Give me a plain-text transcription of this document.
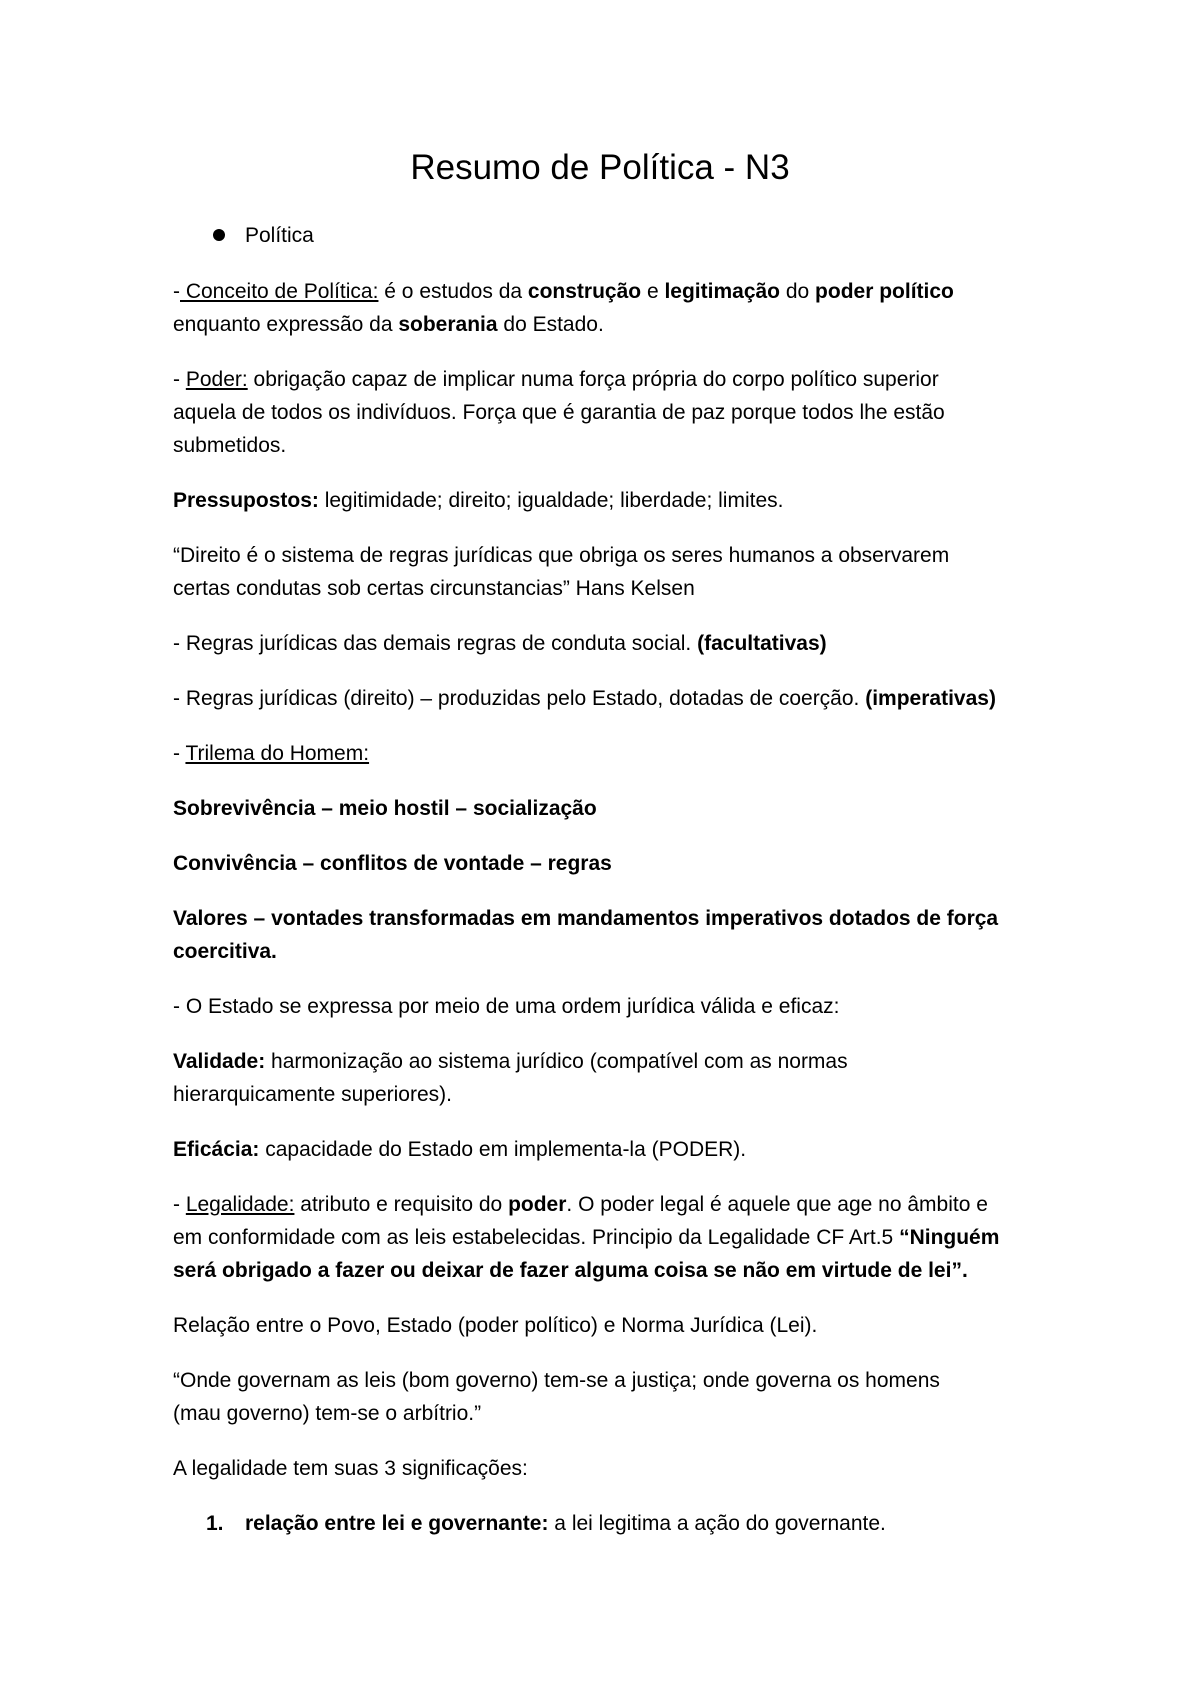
Resumo de Política - N3

Política

- Conceito de Política: é o estudos da construção e legitimação do poder político
enquanto expressão da soberania do Estado.

- Poder: obrigação capaz de implicar numa força própria do corpo político superior
aquela de todos os indivíduos. Força que é garantia de paz porque todos lhe estão
submetidos.

Pressupostos: legitimidade; direito; igualdade; liberdade; limites.

“Direito é o sistema de regras jurídicas que obriga os seres humanos a observarem
certas condutas sob certas circunstancias” Hans Kelsen

- Regras jurídicas das demais regras de conduta social. (facultativas)

- Regras jurídicas (direito) – produzidas pelo Estado, dotadas de coerção. (imperativas)

- Trilema do Homem:

Sobrevivência – meio hostil – socialização

Convivência – conflitos de vontade – regras

Valores – vontades transformadas em mandamentos imperativos dotados de força
coercitiva.

- O Estado se expressa por meio de uma ordem jurídica válida e eficaz:

Validade: harmonização ao sistema jurídico (compatível com as normas
hierarquicamente superiores).

Eficácia: capacidade do Estado em implementa-la (PODER).

- Legalidade: atributo e requisito do poder. O poder legal é aquele que age no âmbito e
em conformidade com as leis estabelecidas. Principio da Legalidade CF Art.5 “Ninguém
será obrigado a fazer ou deixar de fazer alguma coisa se não em virtude de lei”.

Relação entre o Povo, Estado (poder político) e Norma Jurídica (Lei).

“Onde governam as leis (bom governo) tem-se a justiça; onde governa os homens
(mau governo) tem-se o arbítrio.”

A legalidade tem suas 3 significações:

1. relação entre lei e governante: a lei legitima a ação do governante.
